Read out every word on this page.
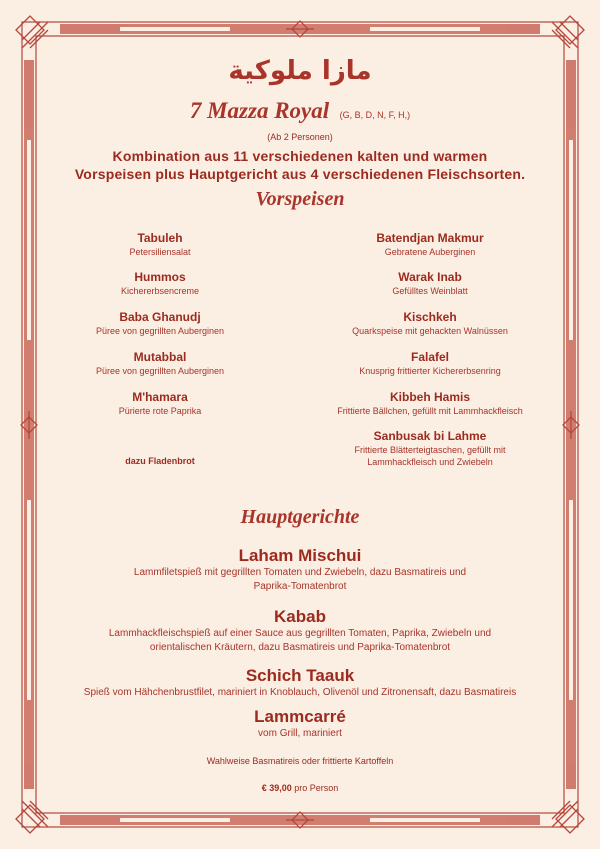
مازا ملوكية
7 Mazza Royal (G, B, D, N, F, H,)
(Ab 2 Personen)
Kombination aus 11 verschiedenen kalten und warmen
Vorspeisen plus Hauptgericht aus 4 verschiedenen Fleischsorten.
Vorspeisen
Tabuleh
Petersiliensalat
Hummos
Kichererbsencreme
Baba Ghanudj
Püree von gegrillten Auberginen
Mutabbal
Püree von gegrillten Auberginen
M'hamara
Pürierte rote Paprika
dazu Fladenbrot
Batendjan Makmur
Gebratene Auberginen
Warak Inab
Gefülltes Weinblatt
Kischkeh
Quarkspeise mit gehackten Walnüssen
Falafel
Knusprig frittierter Kichererbsenring
Kibbeh Hamis
Frittierte Bällchen, gefüllt mit Lammhackfleisch
Sanbusak bi Lahme
Frittierte Blätterteigtaschen, gefüllt mit
Lammhackfleisch und Zwiebeln
Hauptgerichte
Laham Mischui
Lammfiletspieß mit gegrillten Tomaten und Zwiebeln, dazu Basmatireis und
Paprika-Tomatenbrot
Kabab
Lammhackfleischspieß auf einer Sauce aus gegrillten Tomaten, Paprika, Zwiebeln und
orientalischen Kräutern, dazu Basmatireis und Paprika-Tomatenbrot
Schich Taauk
Spieß vom Hähchenbrustfilet, mariniert in Knoblauch, Olivenöl und Zitronensaft, dazu Basmatireis
Lammcarré
vom Grill, mariniert
Wahlweise Basmatireis oder frittierte Kartoffeln
€ 39,00 pro Person
